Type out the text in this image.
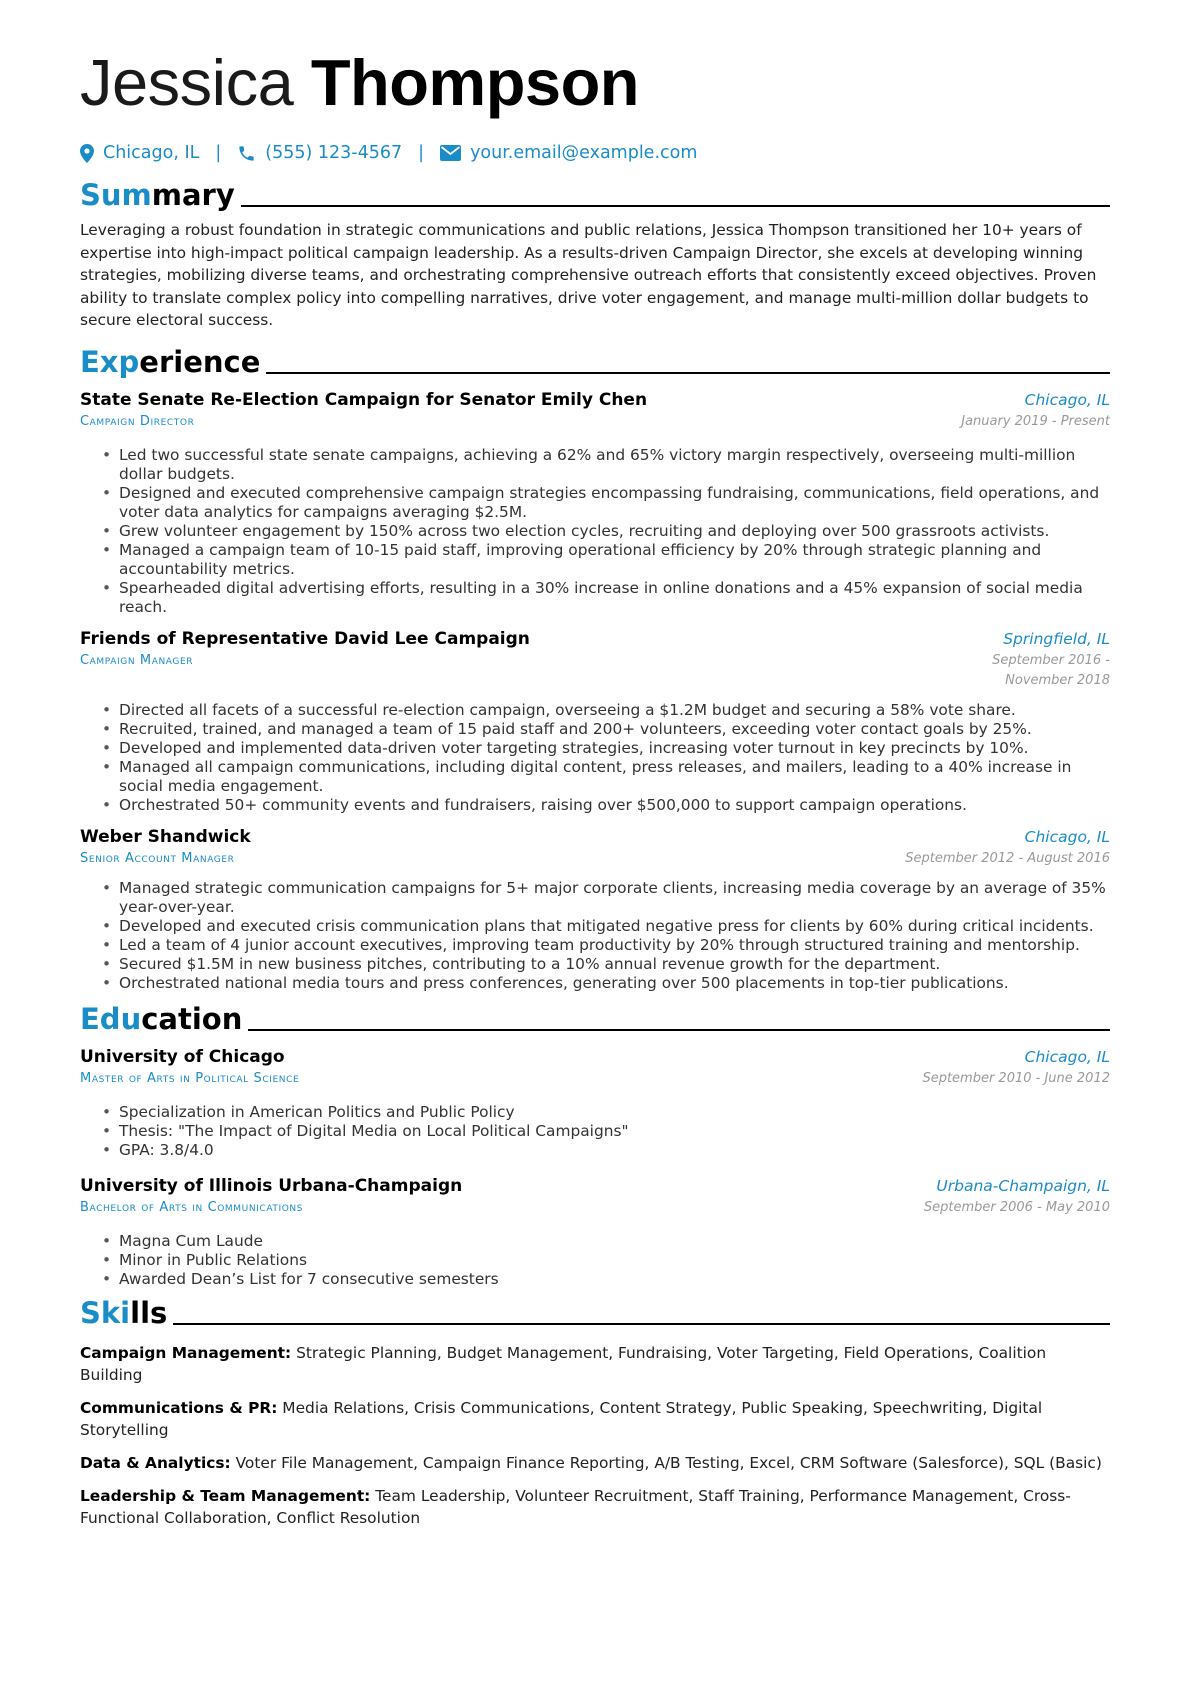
Jessica Thompson
Chicago, IL |	(555) 123-4567 |	your.email@example.com
Summary

Leveraging a robust foundation in strategic communications and public relations, Jessica Thompson transitioned her 10+ years of expertise into high-impact political campaign leadership. As a results-driven Campaign Director, she excels at developing winning strategies, mobilizing diverse teams, and orchestrating comprehensive outreach efforts that consistently exceed objectives. Proven ability to translate complex policy into compelling narratives, drive voter engagement, and manage multi-million dollar budgets to secure electoral success.

Experience
State Senate Re-Election Campaign for Senator Emily Chen
Campaign Director
Chicago, IL
January 2019 - Present
• Led two successful state senate campaigns, achieving a 62% and 65% victory margin respectively, overseeing multi-million dollar budgets.
• Designed and executed comprehensive campaign strategies encompassing fundraising, communications, field operations, and voter data analytics for campaigns averaging $2.5M.
• Grew volunteer engagement by 150% across two election cycles, recruiting and deploying over 500 grassroots activists.
• Managed a campaign team of 10-15 paid staff, improving operational efficiency by 20% through strategic planning and accountability metrics.
• Spearheaded digital advertising efforts, resulting in a 30% increase in online donations and a 45% expansion of social media reach.
Friends of Representative David Lee Campaign
Campaign Manager
Springfield, IL
September 2016 - November 2018
• Directed all facets of a successful re-election campaign, overseeing a $1.2M budget and securing a 58% vote share.
• Recruited, trained, and managed a team of 15 paid staff and 200+ volunteers, exceeding voter contact goals by 25%.
• Developed and implemented data-driven voter targeting strategies, increasing voter turnout in key precincts by 10%.
• Managed all campaign communications, including digital content, press releases, and mailers, leading to a 40% increase in social media engagement.
• Orchestrated 50+ community events and fundraisers, raising over $500,000 to support campaign operations.
Weber Shandwick
Senior Account Manager
Chicago, IL
September 2012 - August 2016
• Managed strategic communication campaigns for 5+ major corporate clients, increasing media coverage by an average of 35% year-over-year.
• Developed and executed crisis communication plans that mitigated negative press for clients by 60% during critical incidents.
• Led a team of 4 junior account executives, improving team productivity by 20% through structured training and mentorship.
• Secured $1.5M in new business pitches, contributing to a 10% annual revenue growth for the department.
• Orchestrated national media tours and press conferences, generating over 500 placements in top-tier publications.
Education
University of Chicago
Master of Arts in Political Science
Chicago, IL
September 2010 - June 2012
• Specialization in American Politics and Public Policy
• Thesis: "The Impact of Digital Media on Local Political Campaigns"
• GPA: 3.8/4.0
University of Illinois Urbana-Champaign
Bachelor of Arts in Communications
Urbana-Champaign, IL
September 2006 - May 2010
• Magna Cum Laude
• Minor in Public Relations
• Awarded Dean’s List for 7 consecutive semesters
Skills

Campaign Management: Strategic Planning, Budget Management, Fundraising, Voter Targeting, Field Operations, Coalition Building

Communications & PR: Media Relations, Crisis Communications, Content Strategy, Public Speaking, Speechwriting, Digital Storytelling

Data & Analytics: Voter File Management, Campaign Finance Reporting, A/B Testing, Excel, CRM Software (Salesforce), SQL (Basic)

Leadership & Team Management: Team Leadership, Volunteer Recruitment, Staff Training, Performance Management, Cross-Functional Collaboration, Conflict Resolution
